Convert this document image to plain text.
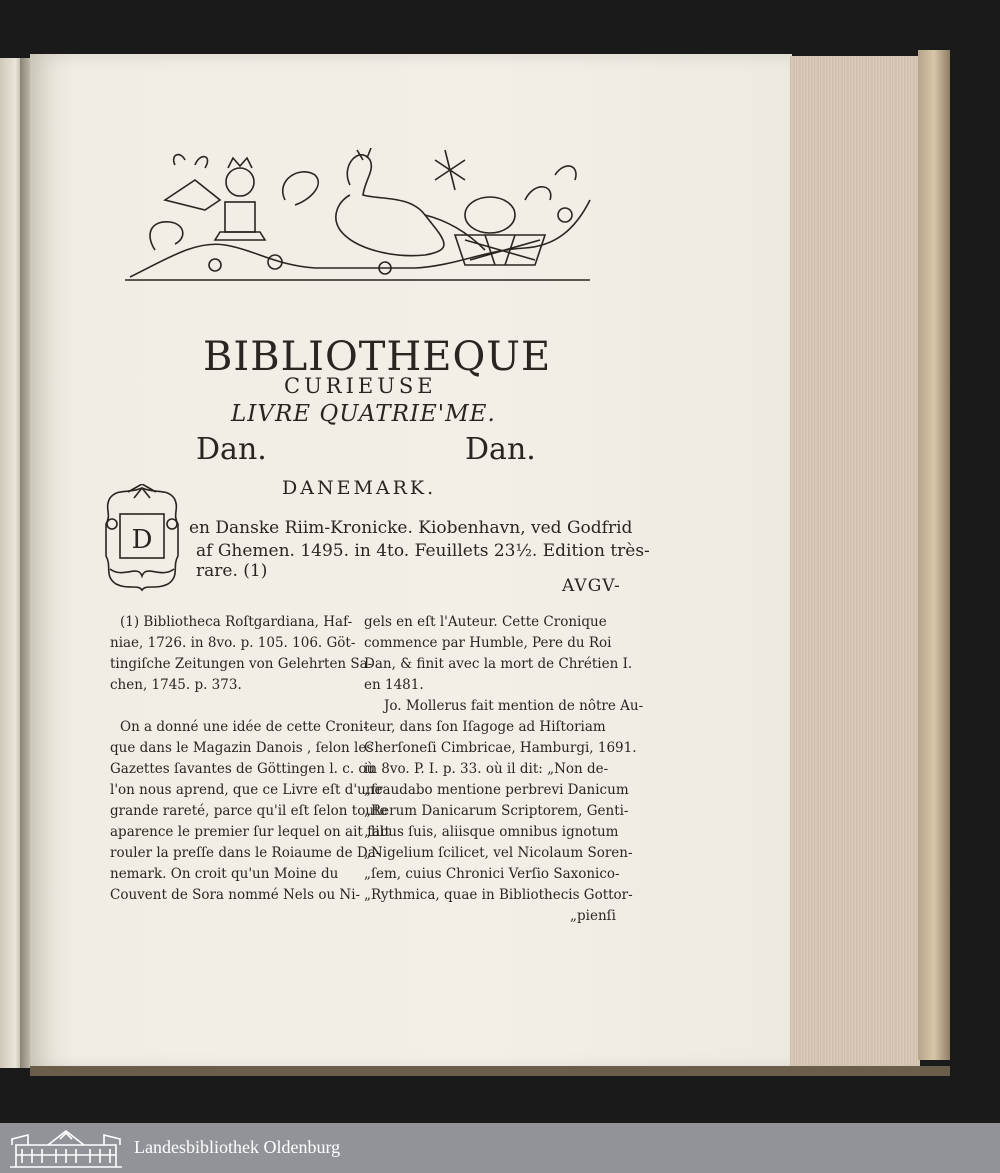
BIBLIOTHEQUE
CURIEUSE
LIVRE QUATRIE'ME.
Dan.	Dan.
DANEMARK.
D en Danske Riim-Kronicke. Kiobenhavn, ved Godfrid
af Ghemen. 1495. in 4to. Feuillets 23½. Edition très-
rare. (1)
AVGV-
(1) Bibliotheca Roſtgardiana, Haf-
niae, 1726. in 8vo. p. 105. 106. Göt-
tingiſche Zeitungen von Gelehrten Sa-
chen, 1745. p. 373.
On a donné une idée de cette Croni-
que dans le Magazin Danois , ſelon les
Gazettes ſavantes de Göttingen l. c. où
l'on nous aprend, que ce Livre eſt d'une
grande rareté, parce qu'il eſt ſelon toute
aparence le premier ſur lequel on ait fait
rouler la preſſe dans le Roiaume de Da-
nemark. On croit qu'un Moine du
Couvent de Sora nommé Nels ou Ni-
gels en eſt l'Auteur. Cette Cronique
commence par Humble, Pere du Roi
Dan, & finit avec la mort de Chrétien I.
en 1481.
Jo. Mollerus fait mention de nôtre Au-
teur, dans ſon Iſagoge ad Hiſtoriam
Cherſoneſi Cimbricae, Hamburgi, 1691.
in 8vo. P. I. p. 33. où il dit: „Non de-
„fraudabo mentione perbrevi Danicum
„Rerum Danicarum Scriptorem, Genti-
„libus ſuis, aliisque omnibus ignotum
„Nigelium ſcilicet, vel Nicolaum Soren-
„ſem, cuius Chronici Verſio Saxonico-
„Rythmica, quae in Bibliothecis Gottor-
„pienſi
Landesbibliothek Oldenburg
